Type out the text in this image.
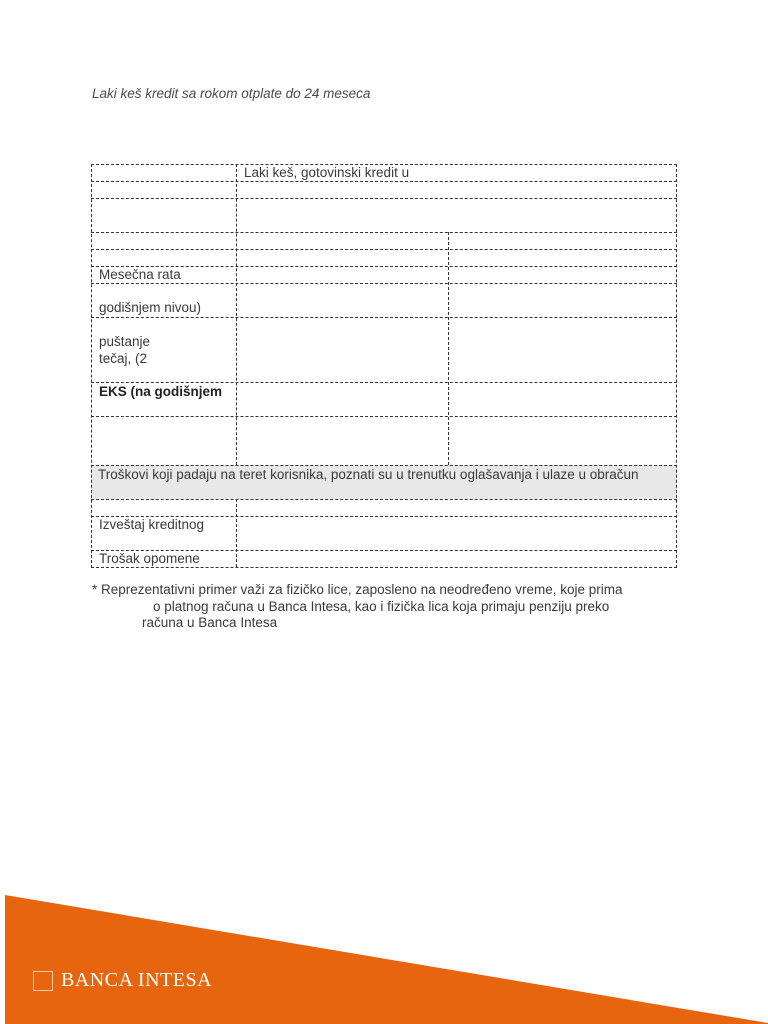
Laki keš kredit sa rokom otplate do 24 meseca
Laki keš, gotovinski kredit u
Mesečna rata
godišnjem nivou)
puštanje
tečaj, (2
EKS (na godišnjem
Troškovi koji padaju na teret korisnika, poznati su u trenutku oglašavanja i ulaze u obračun
Izveštaj kreditnog
Trošak opomene
* Reprezentativni primer važi za fizičko lice, zaposleno na neodređeno vreme, koje prima
o platnog računa u Banca Intesa, kao i fizička lica koja primaju penziju preko
računa u Banca Intesa
BANCA INTESA
